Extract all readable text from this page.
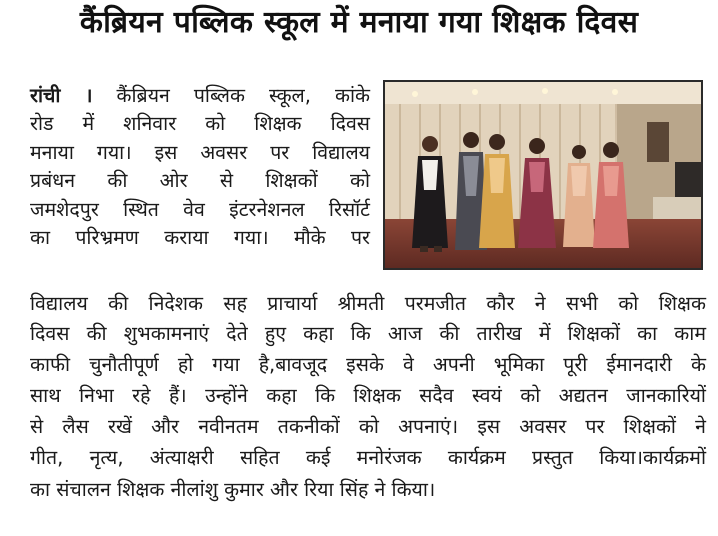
कैंब्रियन पब्लिक स्कूल में मनाया गया शिक्षक दिवस
रांची । कैंब्रियन पब्लिक स्कूल, कांके
रोड में शनिवार को शिक्षक दिवस
मनाया गया। इस अवसर पर विद्यालय
प्रबंधन की ओर से शिक्षकों को
जमशेदपुर स्थित वेव इंटरनेशनल रिसॉर्ट
का परिभ्रमण कराया गया। मौके पर
विद्यालय की निदेशक सह प्राचार्या श्रीमती परमजीत कौर ने सभी को शिक्षक
दिवस की शुभकामनाएं देते हुए कहा कि आज की तारीख में शिक्षकों का काम
काफी चुनौतीपूर्ण हो गया है,बावजूद इसके वे अपनी भूमिका पूरी ईमानदारी के
साथ निभा रहे हैं। उन्होंने कहा कि शिक्षक सदैव स्वयं को अद्यतन जानकारियों
से लैस रखें और नवीनतम तकनीकों को अपनाएं। इस अवसर पर शिक्षकों ने
गीत, नृत्य, अंत्याक्षरी सहित कई मनोरंजक कार्यक्रम प्रस्तुत किया।कार्यक्रमों
का संचालन शिक्षक नीलांशु कुमार और रिया सिंह ने किया।
